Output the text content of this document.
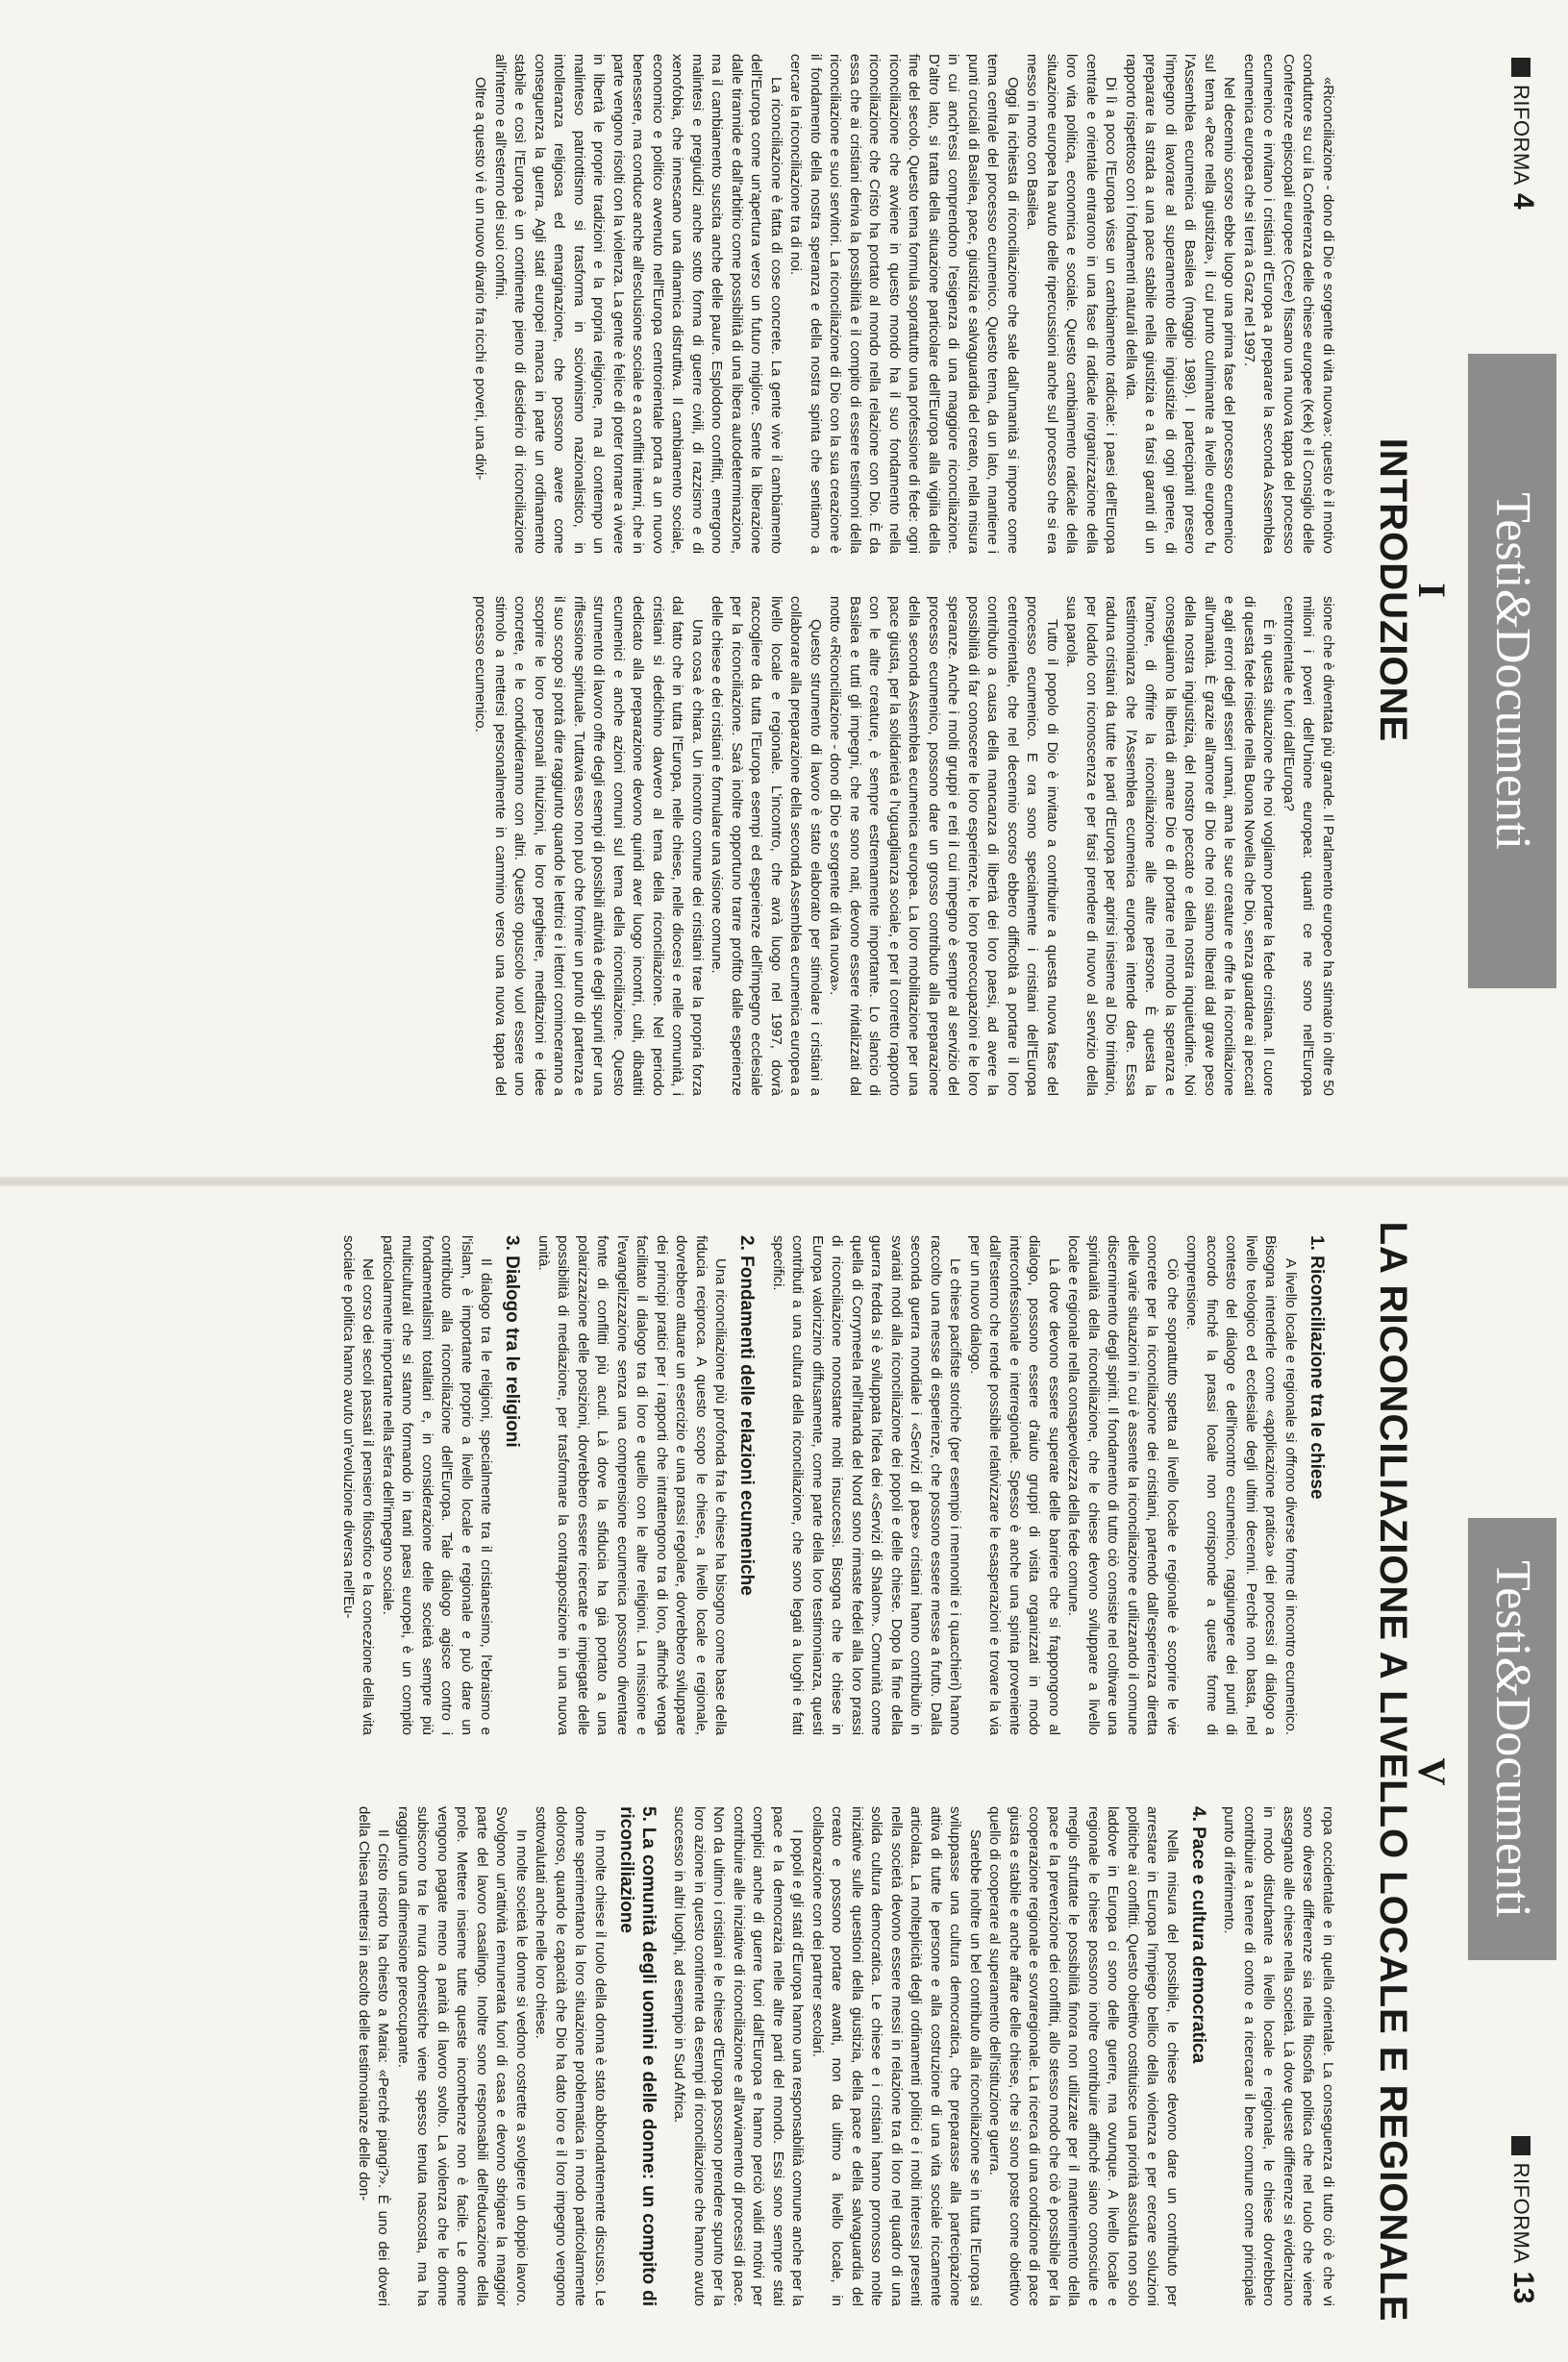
RIFORMA4
Testi&Documenti
I
INTRODUZIONE

«Riconciliazione - dono di Dio e sorgente di vita nuova»: questo è il motivo conduttore su cui la Conferenza delle chiese europee (Kek) e il Consiglio delle Conferenze episcopali europee (Ccee) fissano una nuova tappa del processo ecumenico e invitano i cristiani d'Europa a preparare la seconda Assemblea ecumenica europea che si terrà a Graz nel 1997.

Nel decennio scorso ebbe luogo una prima fase del processo ecumenico sul tema «Pace nella giustizia», il cui punto culminante a livello europeo fu l'Assemblea ecumenica di Basilea (maggio 1989). I partecipanti presero l'impegno di lavorare al superamento delle ingiustizie di ogni genere, di preparare la strada a una pace stabile nella giustizia e a farsi garanti di un rapporto rispettoso con i fondamenti naturali della vita.

Di lì a poco l'Europa visse un cambiamento radicale: i paesi dell'Europa centrale e orientale entrarono in una fase di radicale riorganizzazione della loro vita politica, economica e sociale. Questo cambiamento radicale della situazione europea ha avuto delle ripercussioni anche sul processo che si era messo in moto con Basilea.

Oggi la richiesta di riconciliazione che sale dall'umanità si impone come tema centrale del processo ecumenico. Questo tema, da un lato, mantiene i punti cruciali di Basilea, pace, giustizia e salvaguardia del creato, nella misura in cui anch'essi comprendono l'esigenza di una maggiore riconciliazione. D'altro lato, si tratta della situazione particolare dell'Europa alla vigilia della fine del secolo. Questo tema formula soprattutto una professione di fede: ogni riconciliazione che avviene in questo mondo ha il suo fondamento nella riconciliazione che Cristo ha portato al mondo nella relazione con Dio. È da essa che ai cristiani deriva la possibilità e il compito di essere testimoni della riconciliazione e suoi servitori. La riconciliazione di Dio con la sua creazione è il fondamento della nostra speranza e della nostra spinta che sentiamo a cercare la riconciliazione tra di noi.

La riconciliazione è fatta di cose concrete. La gente vive il cambiamento dell'Europa come un'apertura verso un futuro migliore. Sente la liberazione dalle tirannide e dall'arbitrio come possibilità di una libera autodeterminazione, ma il cambiamento suscita anche delle paure. Esplodono conflitti, emergono malintesi e pregiudizi anche sotto forma di guerre civili, di razzismo e di xenofobia, che innescano una dinamica distruttiva. Il cambiamento sociale, economico e politico avvenuto nell'Europa centrorientale porta a un nuovo benessere, ma conduce anche all'esclusione sociale e a conflitti interni, che in parte vengono risolti con la violenza. La gente è felice di poter tornare a vivere in libertà le proprie tradizioni e la propria religione, ma al contempo un malinteso patriottismo si trasforma in sciovinismo nazionalistico, in intolleranza religiosa ed emarginazione, che possono avere come conseguenza la guerra. Agli stati europei manca in parte un ordinamento stabile e così l'Europa è un continente pieno di desiderio di riconciliazione all'interno e all'esterno dei suoi confini.

Oltre a questo vi è un nuovo divario fra ricchi e poveri, una divi-

sione che è diventata più grande. Il Parlamento europeo ha stimato in oltre 50 milioni i poveri dell'Unione europea: quanti ce ne sono nell'Europa centrorientale e fuori dall'Europa?

È in questa situazione che noi vogliamo portare la fede cristiana. Il cuore di questa fede risiede nella Buona Novella che Dio, senza guardare ai peccati e agli errori degli esseri umani, ama le sue creature e offre la riconciliazione all'umanità. È grazie all'amore di Dio che noi siamo liberati dal grave peso della nostra ingiustizia, del nostro peccato e della nostra inquietudine. Noi conseguiamo la libertà di amare Dio e di portare nel mondo la speranza e l'amore, di offrire la riconciliazione alle altre persone. È questa la testimonianza che l'Assemblea ecumenica europea intende dare. Essa raduna cristiani da tutte le parti d'Europa per aprirsi insieme al Dio trinitario, per lodarlo con riconoscenza e per farsi prendere di nuovo al servizio della sua parola.

Tutto il popolo di Dio è invitato a contribuire a questa nuova fase del processo ecumenico. E ora sono specialmente i cristiani dell'Europa centrorientale, che nel decennio scorso ebbero difficoltà a portare il loro contributo a causa della mancanza di libertà dei loro paesi, ad avere la possibilità di far conoscere le loro esperienze, le loro preoccupazioni e le loro speranze. Anche i molti gruppi e reti il cui impegno è sempre al servizio del processo ecumenico, possono dare un grosso contributo alla preparazione della seconda Assemblea ecumenica europea. La loro mobilitazione per una pace giusta, per la solidarietà e l'uguaglianza sociale, e per il corretto rapporto con le altre creature, è sempre estremamente importante. Lo slancio di Basilea e tutti gli impegni, che ne sono nati, devono essere rivitalizzati dal motto «Riconciliazione - dono di Dio e sorgente di vita nuova».

Questo strumento di lavoro è stato elaborato per stimolare i cristiani a collaborare alla preparazione della seconda Assemblea ecumenica europea a livello locale e regionale. L'incontro, che avrà luogo nel 1997, dovrà raccogliere da tutta l'Europa esempi ed esperienze dell'impegno ecclesiale per la riconciliazione. Sarà inoltre opportuno trarre profitto dalle esperienze delle chiese e dei cristiani e formulare una visione comune.

Una cosa è chiara. Un incontro comune dei cristiani trae la propria forza dal fatto che in tutta l'Europa, nelle chiese, nelle diocesi e nelle comunità, i cristiani si dedichino davvero al tema della riconciliazione. Nel periodo dedicato alla preparazione devono quindi aver luogo incontri, culti, dibattiti ecumenici e anche azioni comuni sul tema della riconciliazione. Questo strumento di lavoro offre degli esempi di possibili attività e degli spunti per una riflessione spirituale. Tuttavia esso non può che fornire un punto di partenza e il suo scopo si potrà dire raggiunto quando le lettrici e i lettori cominceranno a scoprire le loro personali intuizioni, le loro preghiere, meditazioni e idee concrete, e le condivideranno con altri. Questo opuscolo vuol essere uno stimolo a mettersi personalmente in cammino verso una nuova tappa del processo ecumenico.

Testi&Documenti
RIFORMA13
V
LA RICONCILIAZIONE A LIVELLO LOCALE E REGIONALE
1. Riconciliazione tra le chiese

A livello locale e regionale si offrono diverse forme di incontro ecumenico. Bisogna intenderle come «applicazione pratica» dei processi di dialogo a livello teologico ed ecclesiale degli ultimi decenni. Perché non basta, nel contesto del dialogo e dell'incontro ecumenico, raggiungere dei punti di accordo finché la prassi locale non corrisponde a queste forme di comprensione.

Ciò che soprattutto spetta al livello locale e regionale è scoprire le vie concrete per la riconciliazione dei cristiani, partendo dall'esperienza diretta delle varie situazioni in cui è assente la riconciliazione e utilizzando il comune discernimento degli spiriti. Il fondamento di tutto ciò consiste nel coltivare una spiritualità della riconciliazione, che le chiese devono sviluppare a livello locale e regionale nella consapevolezza della fede comune.

Là dove devono essere superate delle barriere che si frappongono al dialogo, possono essere d'aiuto gruppi di visita organizzati in modo interconfessionale e interregionale. Spesso è anche una spinta proveniente dall'esterno che rende possibile relativizzare le esasperazioni e trovare la via per un nuovo dialogo.

Le chiese pacifiste storiche (per esempio i mennoniti e i quacchieri) hanno raccolto una messe di esperienze, che possono essere messe a frutto. Dalla seconda guerra mondiale i «Servizi di pace» cristiani hanno contribuito in svariati modi alla riconciliazione dei popoli e delle chiese. Dopo la fine della guerra fredda si è sviluppata l'idea dei «Servizi di Shalom». Comunità come quella di Corrymeela nell'Irlanda del Nord sono rimaste fedeli alla loro prassi di riconciliazione nonostante molti insuccessi. Bisogna che le chiese in Europa valorizzino diffusamente, come parte della loro testimonianza, questi contributi a una cultura della riconciliazione, che sono legati a luoghi e fatti specifici.

2. Fondamenti delle relazioni ecumeniche

Una riconciliazione più profonda fra le chiese ha bisogno come base della fiducia reciproca. A questo scopo le chiese, a livello locale e regionale, dovrebbero attuare un esercizio e una prassi regolare, dovrebbero sviluppare dei principi pratici per i rapporti che intrattengono tra di loro, affinché venga facilitato il dialogo tra di loro e quello con le altre religioni. La missione e l'evangelizzazione senza una comprensione ecumenica possono diventare fonte di conflitti più acuti. Là dove la sfiducia ha già portato a una polarizzazione delle posizioni, dovrebbero essere ricercate e impiegate delle possibilità di mediazione, per trasformare la contrapposizione in una nuova unità.

3. Dialogo tra le religioni

Il dialogo tra le religioni, specialmente tra il cristianesimo, l'ebraismo e l'islam, è importante proprio a livello locale e regionale e può dare un contributo alla riconciliazione dell'Europa. Tale dialogo agisce contro i fondamentalismi totalitari e, in considerazione delle società sempre più multiculturali che si stanno formando in tanti paesi europei, è un compito particolarmente importante nella sfera dell'impegno sociale.

Nel corso dei secoli passati il pensiero filosofico e la concezione della vita sociale e politica hanno avuto un'evoluzione diversa nell'Eu-

ropa occidentale e in quella orientale. La conseguenza di tutto ciò è che vi sono diverse differenze sia nella filosofia politica che nel ruolo che viene assegnato alle chiese nella società. Là dove queste differenze si evidenziano in modo disturbante a livello locale e regionale, le chiese dovrebbero contribuire a tenere di conto e a ricercare il bene comune come principale punto di riferimento.

4. Pace e cultura democratica

Nella misura del possibile, le chiese devono dare un contributo per arrestare in Europa l'impiego bellico della violenza e per cercare soluzioni politiche ai conflitti. Questo obiettivo costituisce una priorità assoluta non solo laddove in Europa ci sono delle guerre, ma ovunque. A livello locale e regionale le chiese possono inoltre contribuire affinché siano conosciute e meglio sfruttate le possibilità finora non utilizzate per il mantenimento della pace e la prevenzione dei conflitti, allo stesso modo che ciò è possibile per la cooperazione regionale e sovraregionale. La ricerca di una condizione di pace giusta e stabile e anche affare delle chiese, che si sono poste come obiettivo quello di cooperare al superamento dell'istituzione guerra.

Sarebbe inoltre un bel contributo alla riconciliazione se in tutta l'Europa si sviluppasse una cultura democratica, che preparasse alla partecipazione attiva di tutte le persone e alla costruzione di una vita sociale riccamente articolata. La molteplicità degli ordinamenti politici e i molti interessi presenti nella società devono essere messi in relazione tra di loro nel quadro di una solida cultura democratica. Le chiese e i cristiani hanno promosso molte iniziative sulle questioni della giustizia, della pace e della salvaguardia del creato e possono portare avanti, non da ultimo a livello locale, in collaborazione con dei partner secolari.

I popoli e gli stati d'Europa hanno una responsabilità comune anche per la pace e la democrazia nelle altre parti del mondo. Essi sono sempre stati complici anche di guerre fuori dall'Europa e hanno perciò validi motivi per contribuire alle iniziative di riconciliazione e all'avviamento di processi di pace. Non da ultimo i cristiani e le chiese d'Europa possono prendere spunto per la loro azione in questo continente da esempi di riconciliazione che hanno avuto successo in altri luoghi, ad esempio in Sud Africa.

5. La comunità degli uomini e delle donne: un compito di riconciliazione

In molte chiese il ruolo della donna è stato abbondantemente discusso. Le donne sperimentano la loro situazione problematica in modo particolarmente doloroso, quando le capacità che Dio ha dato loro e il loro impegno vengono sottovalutati anche nelle loro chiese.

In molte società le donne si vedono costrette a svolgere un doppio lavoro. Svolgono un'attività remunerata fuori di casa e devono sbrigare la maggior parte del lavoro casalingo. Inoltre sono responsabili dell'educazione della prole. Mettere insieme tutte queste incombenze non è facile. Le donne vengono pagate meno a parità di lavoro svolto. La violenza che le donne subiscono tra le mura domestiche viene spesso tenuta nascosta, ma ha raggiunto una dimensione preoccupante.

Il Cristo risorto ha chiesto a Maria: «Perché piangi?». È uno dei doveri della Chiesa mettersi in ascolto delle testimonianze delle don-
